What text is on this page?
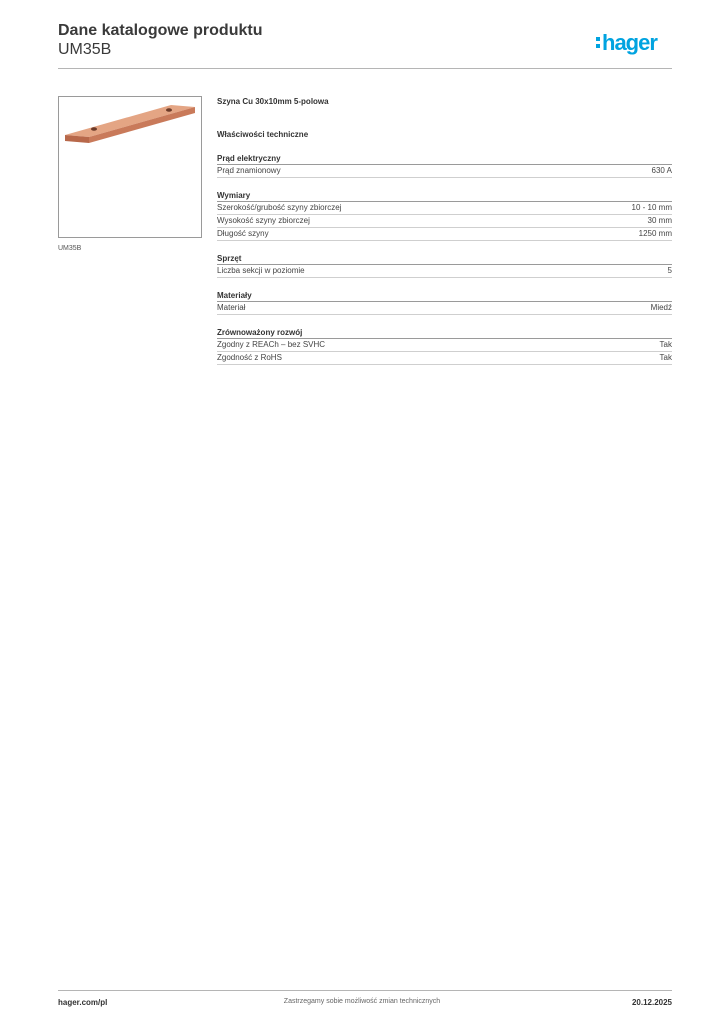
Dane katalogowe produktu
UM35B	hager
UM35B
Szyna Cu 30x10mm 5-polowa
Właściwości techniczne
Prąd elektryczny
Prąd znamionowy	630 A
Wymiary
Szerokość/grubość szyny zbiorczej	10 - 10 mm
Wysokość szyny zbiorczej	30 mm
Długość szyny	1250 mm
Sprzęt
Liczba sekcji w poziomie	5
Materiały
Materiał	Miedź
Zrównoważony rozwój
Zgodny z REACh – bez SVHC	Tak
Zgodność z RoHS	Tak
hager.com/pl	Zastrzegamy sobie możliwość zmian technicznych	20.12.2025
